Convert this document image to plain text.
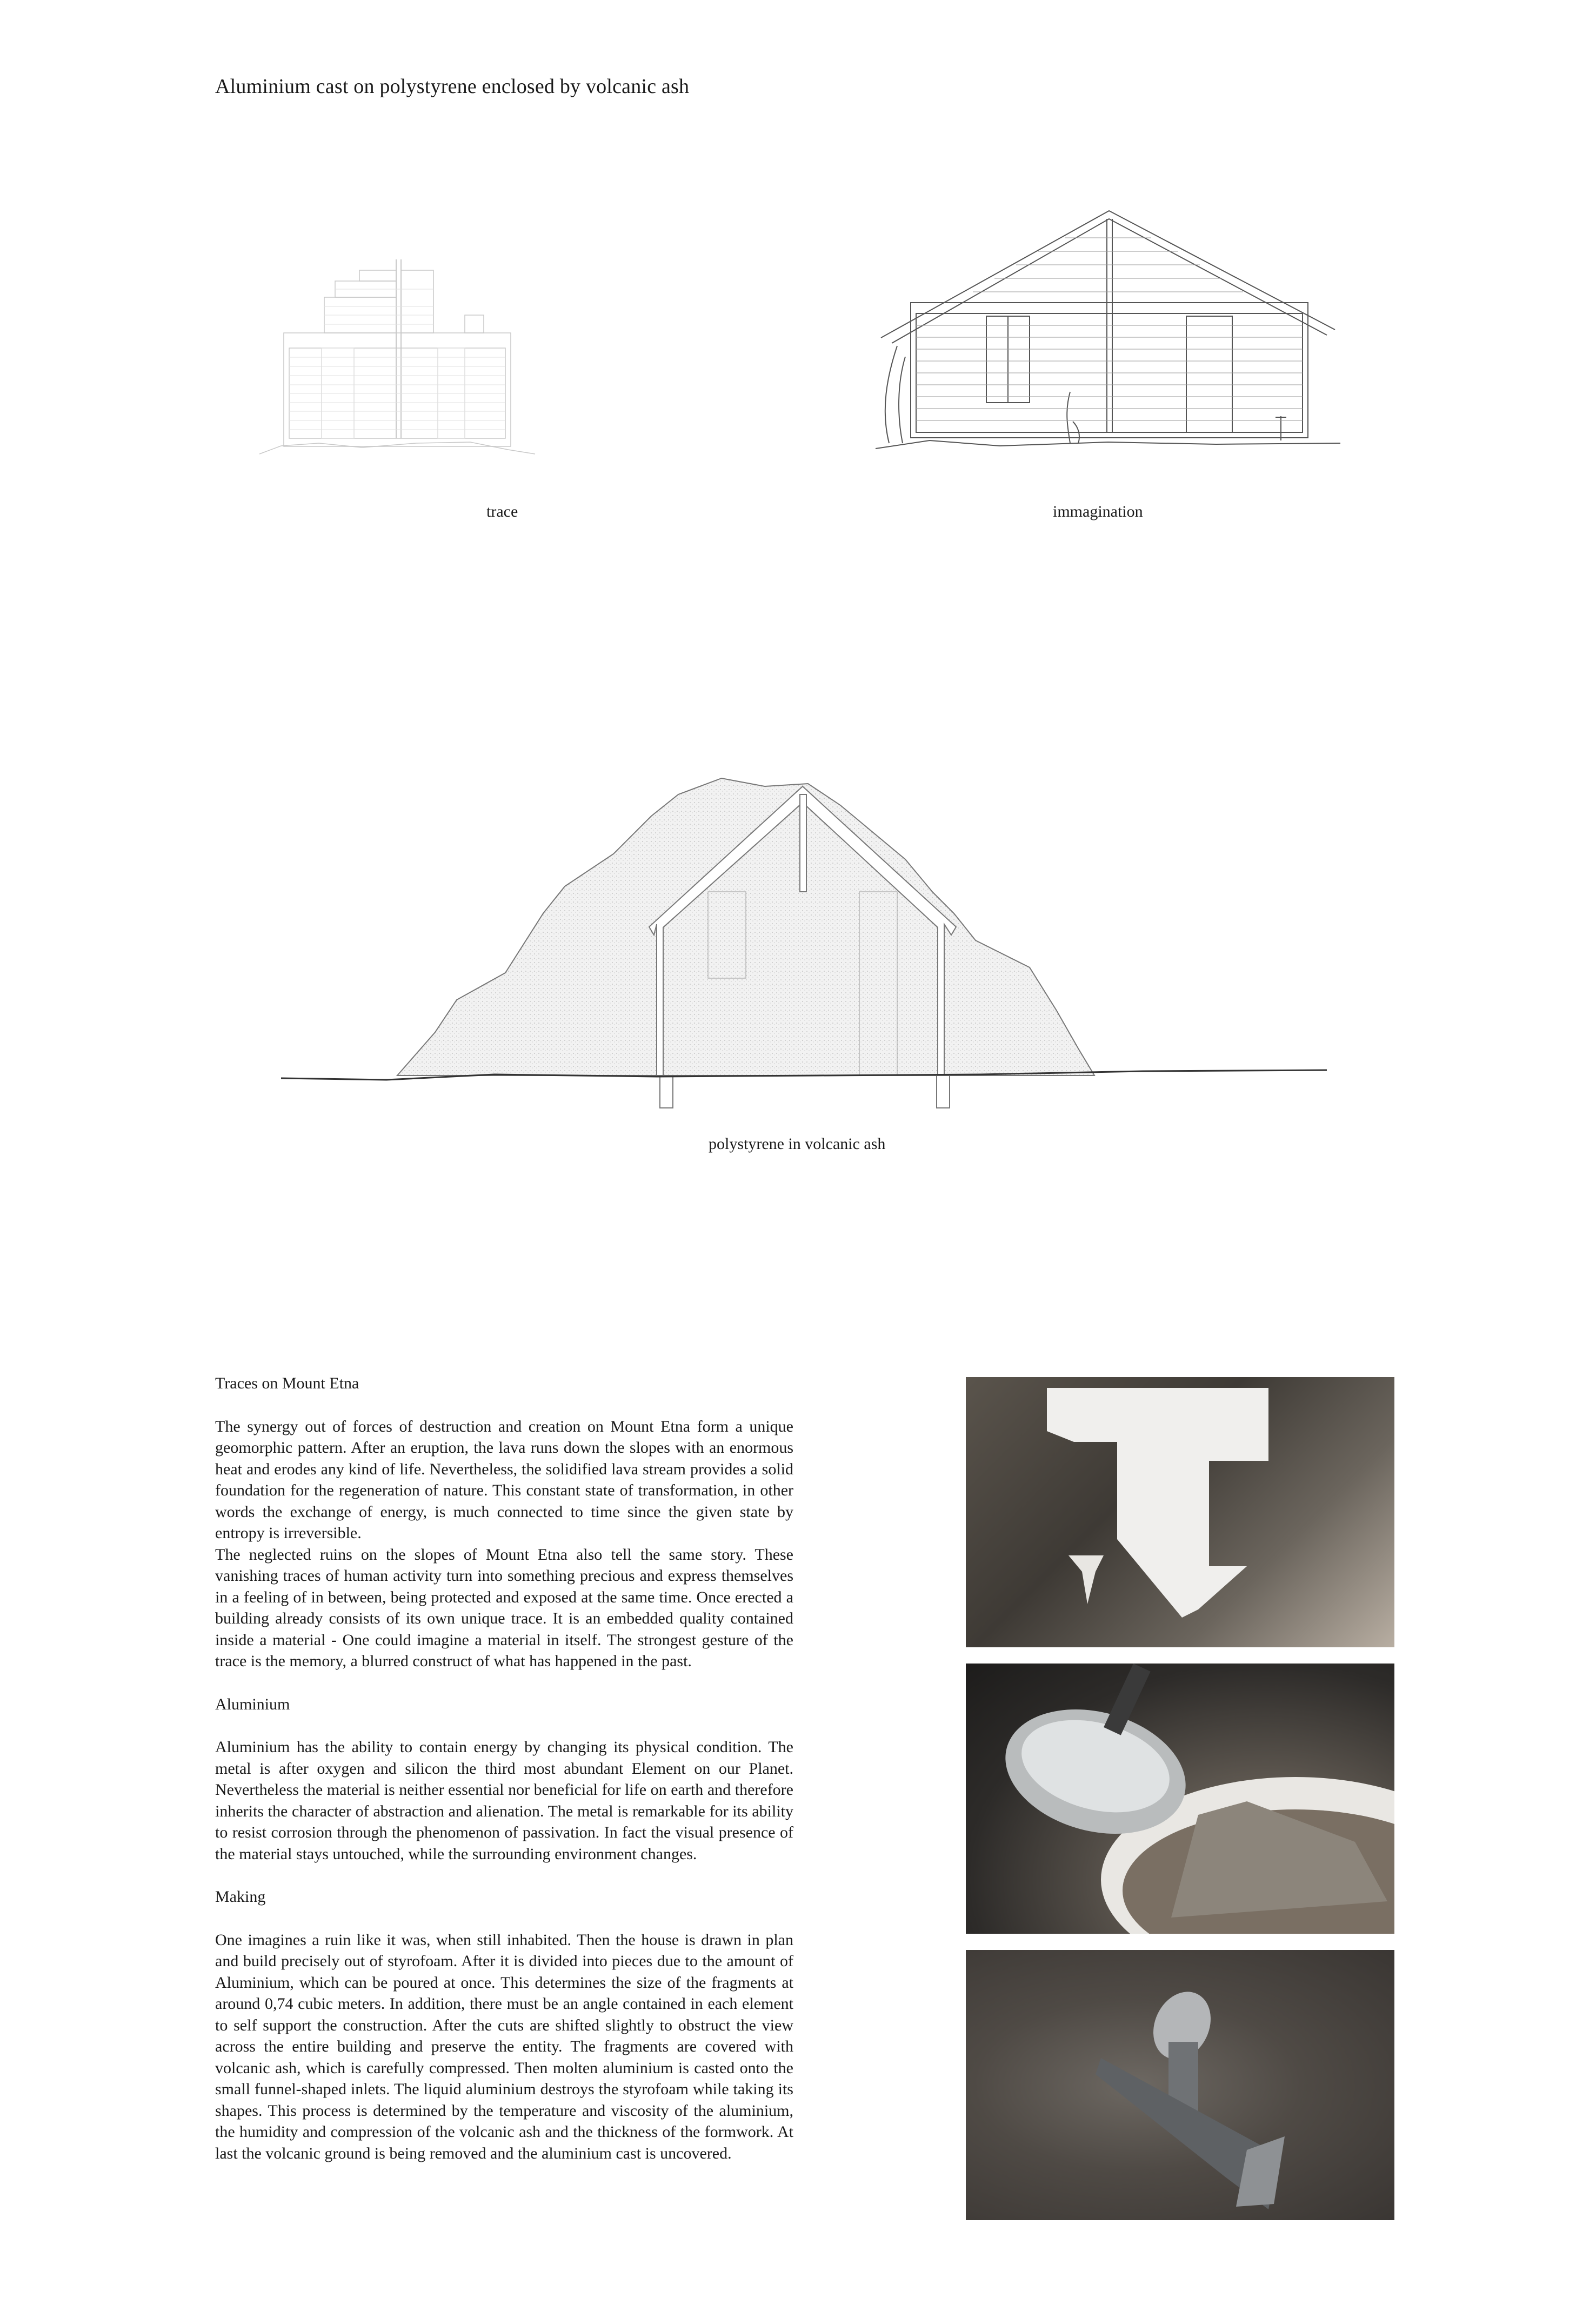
Aluminium cast on polystyrene enclosed by volcanic ash
trace	immagination
polystyrene in volcanic ash
Traces on Mount Etna

The synergy out of forces of destruction and creation on Mount Etna form a unique geomorphic pattern. After an eruption, the lava runs down the slopes with an enormous heat and erodes any kind of life. Nevertheless, the solidified lava stream provides a solid foundation for the regeneration of nature. This constant state of transformation, in other words the exchange of energy, is much connected to time since the given state by entropy is irreversible.

The neglected ruins on the slopes of Mount Etna also tell the same story. These vanishing traces of human activity turn into something precious and express themselves in a feeling of in between, being protected and exposed at the same time. Once erected a building already consists of its own unique trace. It is an embedded quality contained inside a material - One could imagine a material in itself. The strongest gesture of the trace is the memory, a blurred construct of what has happened in the past.

Aluminium

Aluminium has the ability to contain energy by changing its physical condition. The metal is after oxygen and silicon the third most abundant Element on our Planet. Nevertheless the material is neither essential nor beneficial for life on earth and therefore inherits the character of abstraction and alienation. The metal is remarkable for its ability to resist corrosion through the phenomenon of passivation. In fact the visual presence of the material stays untouched, while the surrounding environment changes.

Making

One imagines a ruin like it was, when still inhabited. Then the house is drawn in plan and build precisely out of styrofoam. After it is divided into pieces due to the amount of Aluminium, which can be poured at once. This determines the size of the fragments at around 0,74 cubic meters. In addition, there must be an angle contained in each element to self support the construction. After the cuts are shifted slightly to obstruct the view across the entire building and preserve the entity. The fragments are covered with volcanic ash, which is carefully compressed. Then molten aluminium is casted onto the small funnel-shaped inlets. The liquid aluminium destroys the styrofoam while taking its shapes. This process is determined by the temperature and viscosity of the aluminium, the humidity and compression of the volcanic ash and the thickness of the formwork. At last the volcanic ground is being removed and the aluminium cast is uncovered.
